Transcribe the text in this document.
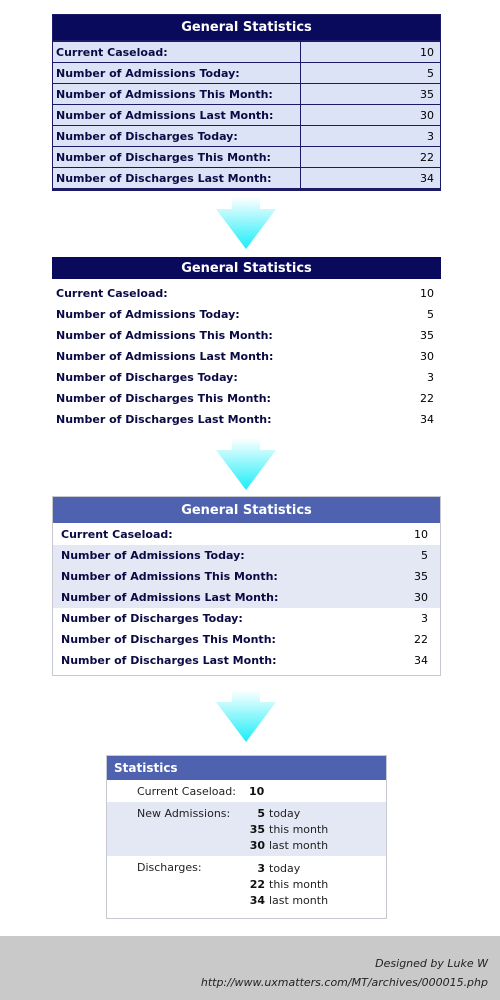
General Statistics
Current Caseload:	10
Number of Admissions Today:	5
Number of Admissions This Month:	35
Number of Admissions Last Month:	30
Number of Discharges Today:	3
Number of Discharges This Month:	22
Number of Discharges Last Month:	34
General Statistics
Current Caseload:	10
Number of Admissions Today:	5
Number of Admissions This Month:	35
Number of Admissions Last Month:	30
Number of Discharges Today:	3
Number of Discharges This Month:	22
Number of Discharges Last Month:	34
General Statistics
Current Caseload:	10
Number of Admissions Today:	5
Number of Admissions This Month:	35
Number of Admissions Last Month:	30
Number of Discharges Today:	3
Number of Discharges This Month:	22
Number of Discharges Last Month:	34
Statistics
Current Caseload: 10
New Admissions:	5 today
35 this month
30 last month
Discharges:	3 today
22 this month
34 last month
Designed by Luke W
http://www.uxmatters.com/MT/archives/000015.php
